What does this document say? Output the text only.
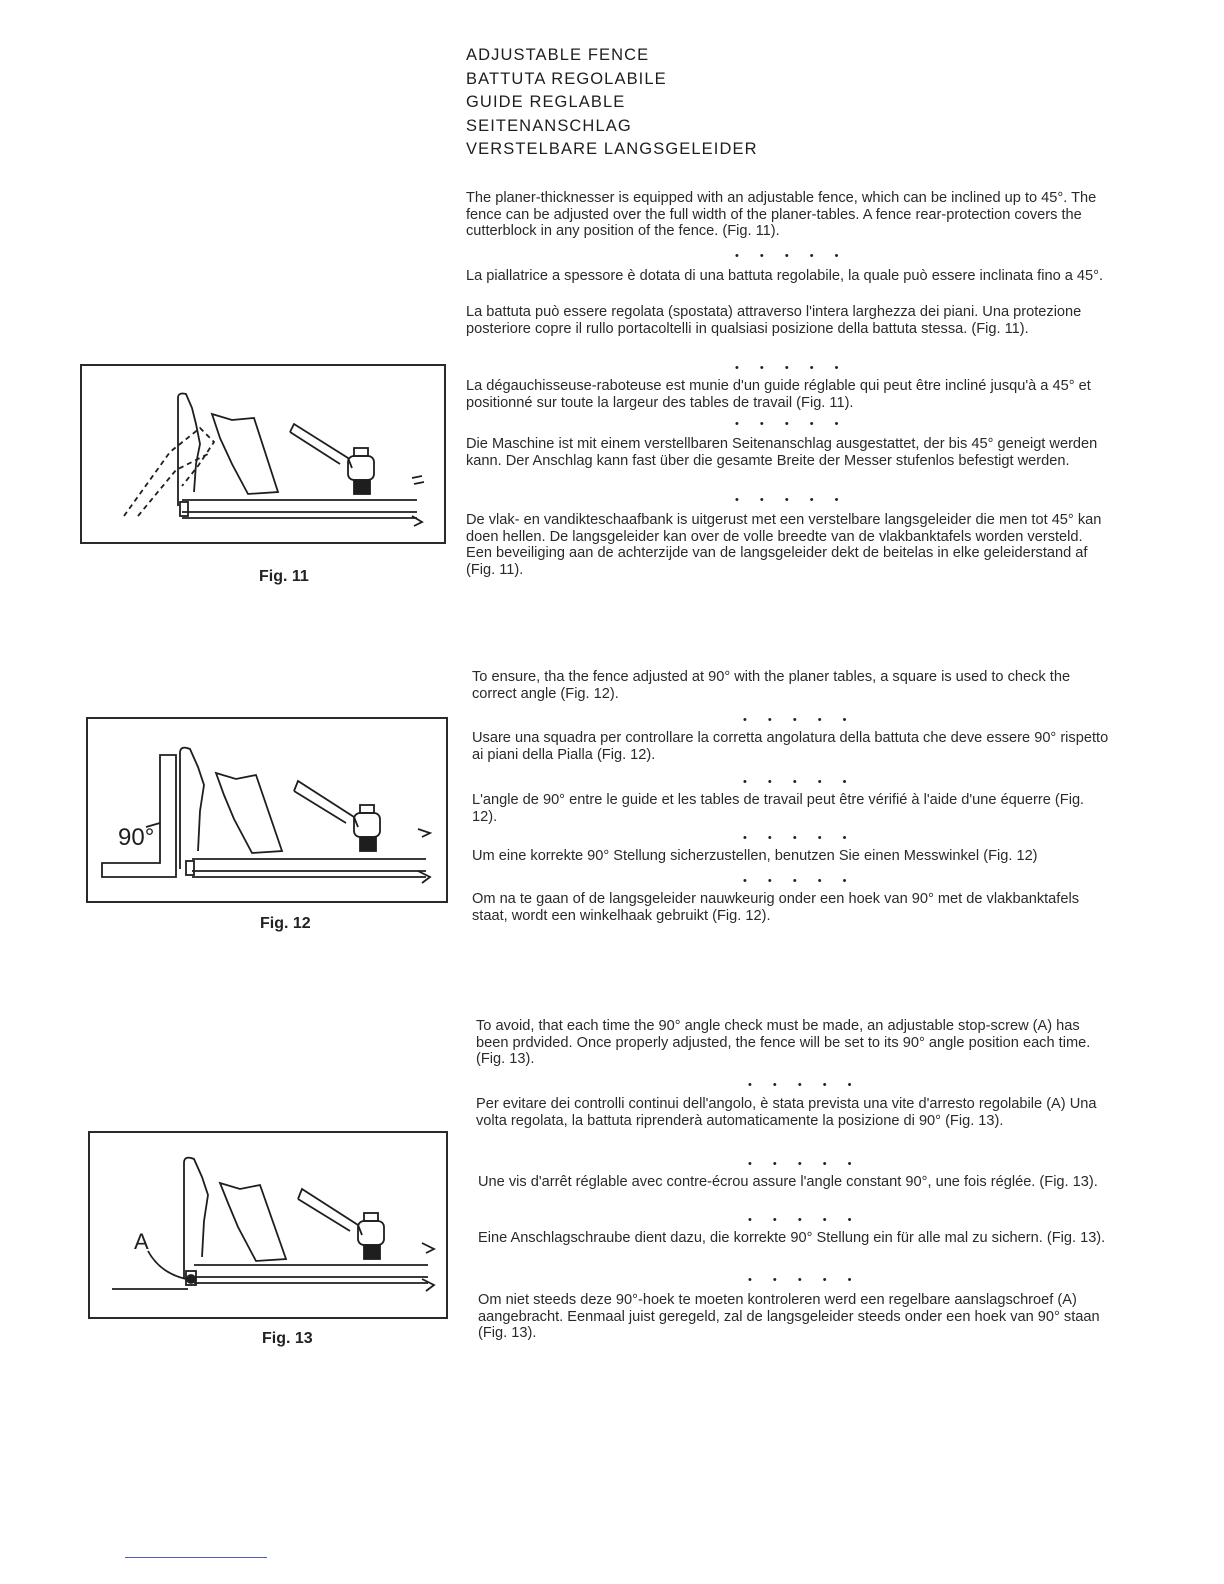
ADJUSTABLE FENCE
BATTUTA REGOLABILE
GUIDE REGLABLE
SEITENANSCHLAG
VERSTELBARE LANGSGELEIDER
The planer-thicknesser is equipped with an adjustable fence, which can be inclined up to 45°. The fence can be adjusted over the full width of the planer-tables. A fence rear-protection covers the cutterblock in any position of the fence. (Fig. 11).
• • • • •
La piallatrice a spessore è dotata di una battuta regolabile, la quale può essere inclinata fino a 45°.
La battuta può essere regolata (spostata) attraverso l'intera larghezza dei piani. Una protezione posteriore copre il rullo portacoltelli in qualsiasi posizione della battuta stessa. (Fig. 11).
• • • • •
La dégauchisseuse-raboteuse est munie d'un guide réglable qui peut être incliné jusqu'à a 45° et positionné sur toute la largeur des tables de travail (Fig. 11).
• • • • •
Die Maschine ist mit einem verstellbaren Seitenanschlag ausgestattet, der bis 45° geneigt werden kann. Der Anschlag kann fast über die gesamte Breite der Messer stufenlos befestigt werden.
• • • • •
De vlak- en vandikteschaafbank is uitgerust met een verstelbare langsgeleider die men tot 45° kan doen hellen. De langsgeleider kan over de volle breedte van de vlakbanktafels worden versteld. Een beveiliging aan de achterzijde van de langsgeleider dekt de beitelas in elke geleiderstand af (Fig. 11).
Fig. 11
To ensure, tha the fence adjusted at 90° with the planer tables, a square is used to check the correct angle (Fig. 12).
• • • • •
Usare una squadra per controllare la corretta angolatura della battuta che deve essere 90° rispetto ai piani della Pialla (Fig. 12).
• • • • •
L'angle de 90° entre le guide et les tables de travail peut être vérifié à l'aide d'une équerre (Fig. 12).
• • • • •
Um eine korrekte 90° Stellung sicherzustellen, benutzen Sie einen Messwinkel (Fig. 12)
• • • • •
Om na te gaan of de langsgeleider nauwkeurig onder een hoek van 90° met de vlakbanktafels staat, wordt een winkelhaak gebruikt (Fig. 12).
90°
Fig. 12
To avoid, that each time the 90° angle check must be made, an adjustable stop-screw (A) has been prdvided. Once properly adjusted, the fence will be set to its 90° angle position each time. (Fig. 13).
• • • • •
Per evitare dei controlli continui dell'angolo, è stata prevista una vite d'arresto regolabile (A) Una volta regolata, la battuta riprenderà automaticamente la posizione di 90° (Fig. 13).
• • • • •
Une vis d'arrêt réglable avec contre-écrou assure l'angle constant 90°, une fois réglée. (Fig. 13).
• • • • •
Eine Anschlagschraube dient dazu, die korrekte 90° Stellung ein für alle mal zu sichern. (Fig. 13).
• • • • •
Om niet steeds deze 90°-hoek te moeten kontroleren werd een regelbare aanslagschroef (A) aangebracht. Eenmaal juist geregeld, zal de langsgeleider steeds onder een hoek van 90° staan (Fig. 13).
A
Fig. 13
